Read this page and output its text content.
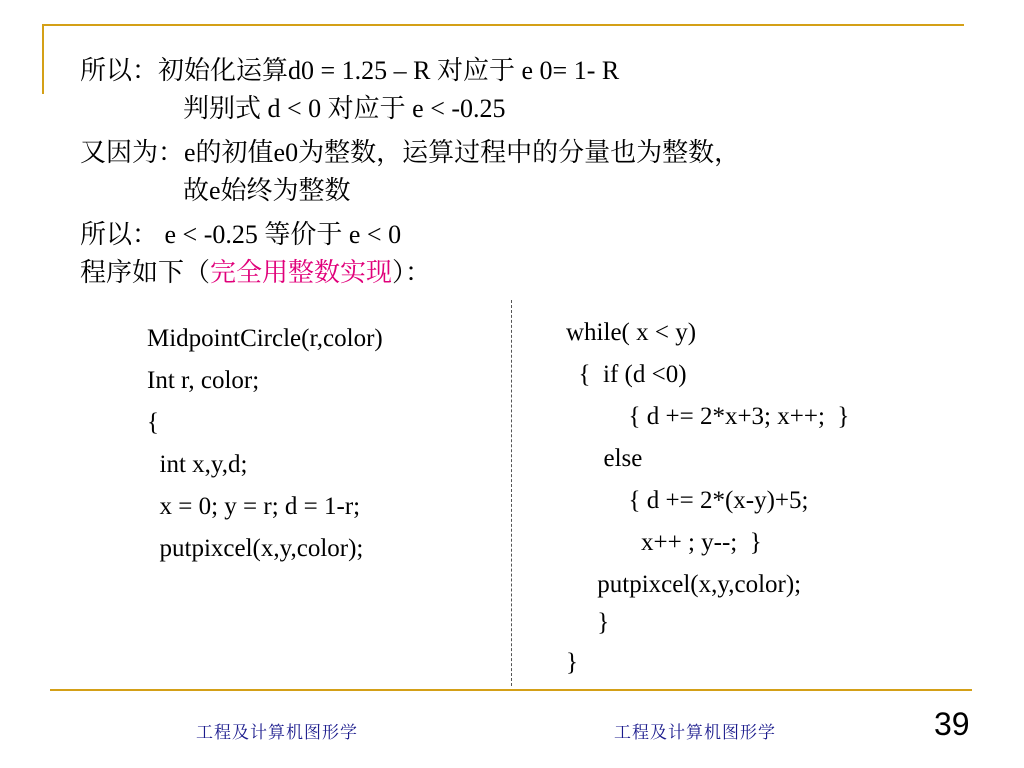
所以：初始化运算d0 = 1.25 – R 对应于 e 0= 1- R
判别式 d < 0 对应于 e < -0.25
又因为：e的初值e0为整数，运算过程中的分量也为整数，
故e始终为整数
所以： e < -0.25 等价于 e < 0
程序如下（完全用整数实现）：
MidpointCircle(r,color)
Int r, color;
{
int x,y,d;
x = 0; y = r; d = 1-r;
putpixcel(x,y,color);
while( x < y)
{  if (d <0)
{ d += 2*x+3; x++;  }
else
{ d += 2*(x-y)+5;
x++ ; y--;  }
putpixcel(x,y,color);
}
}
工程及计算机图形学	工程及计算机图形学	39
